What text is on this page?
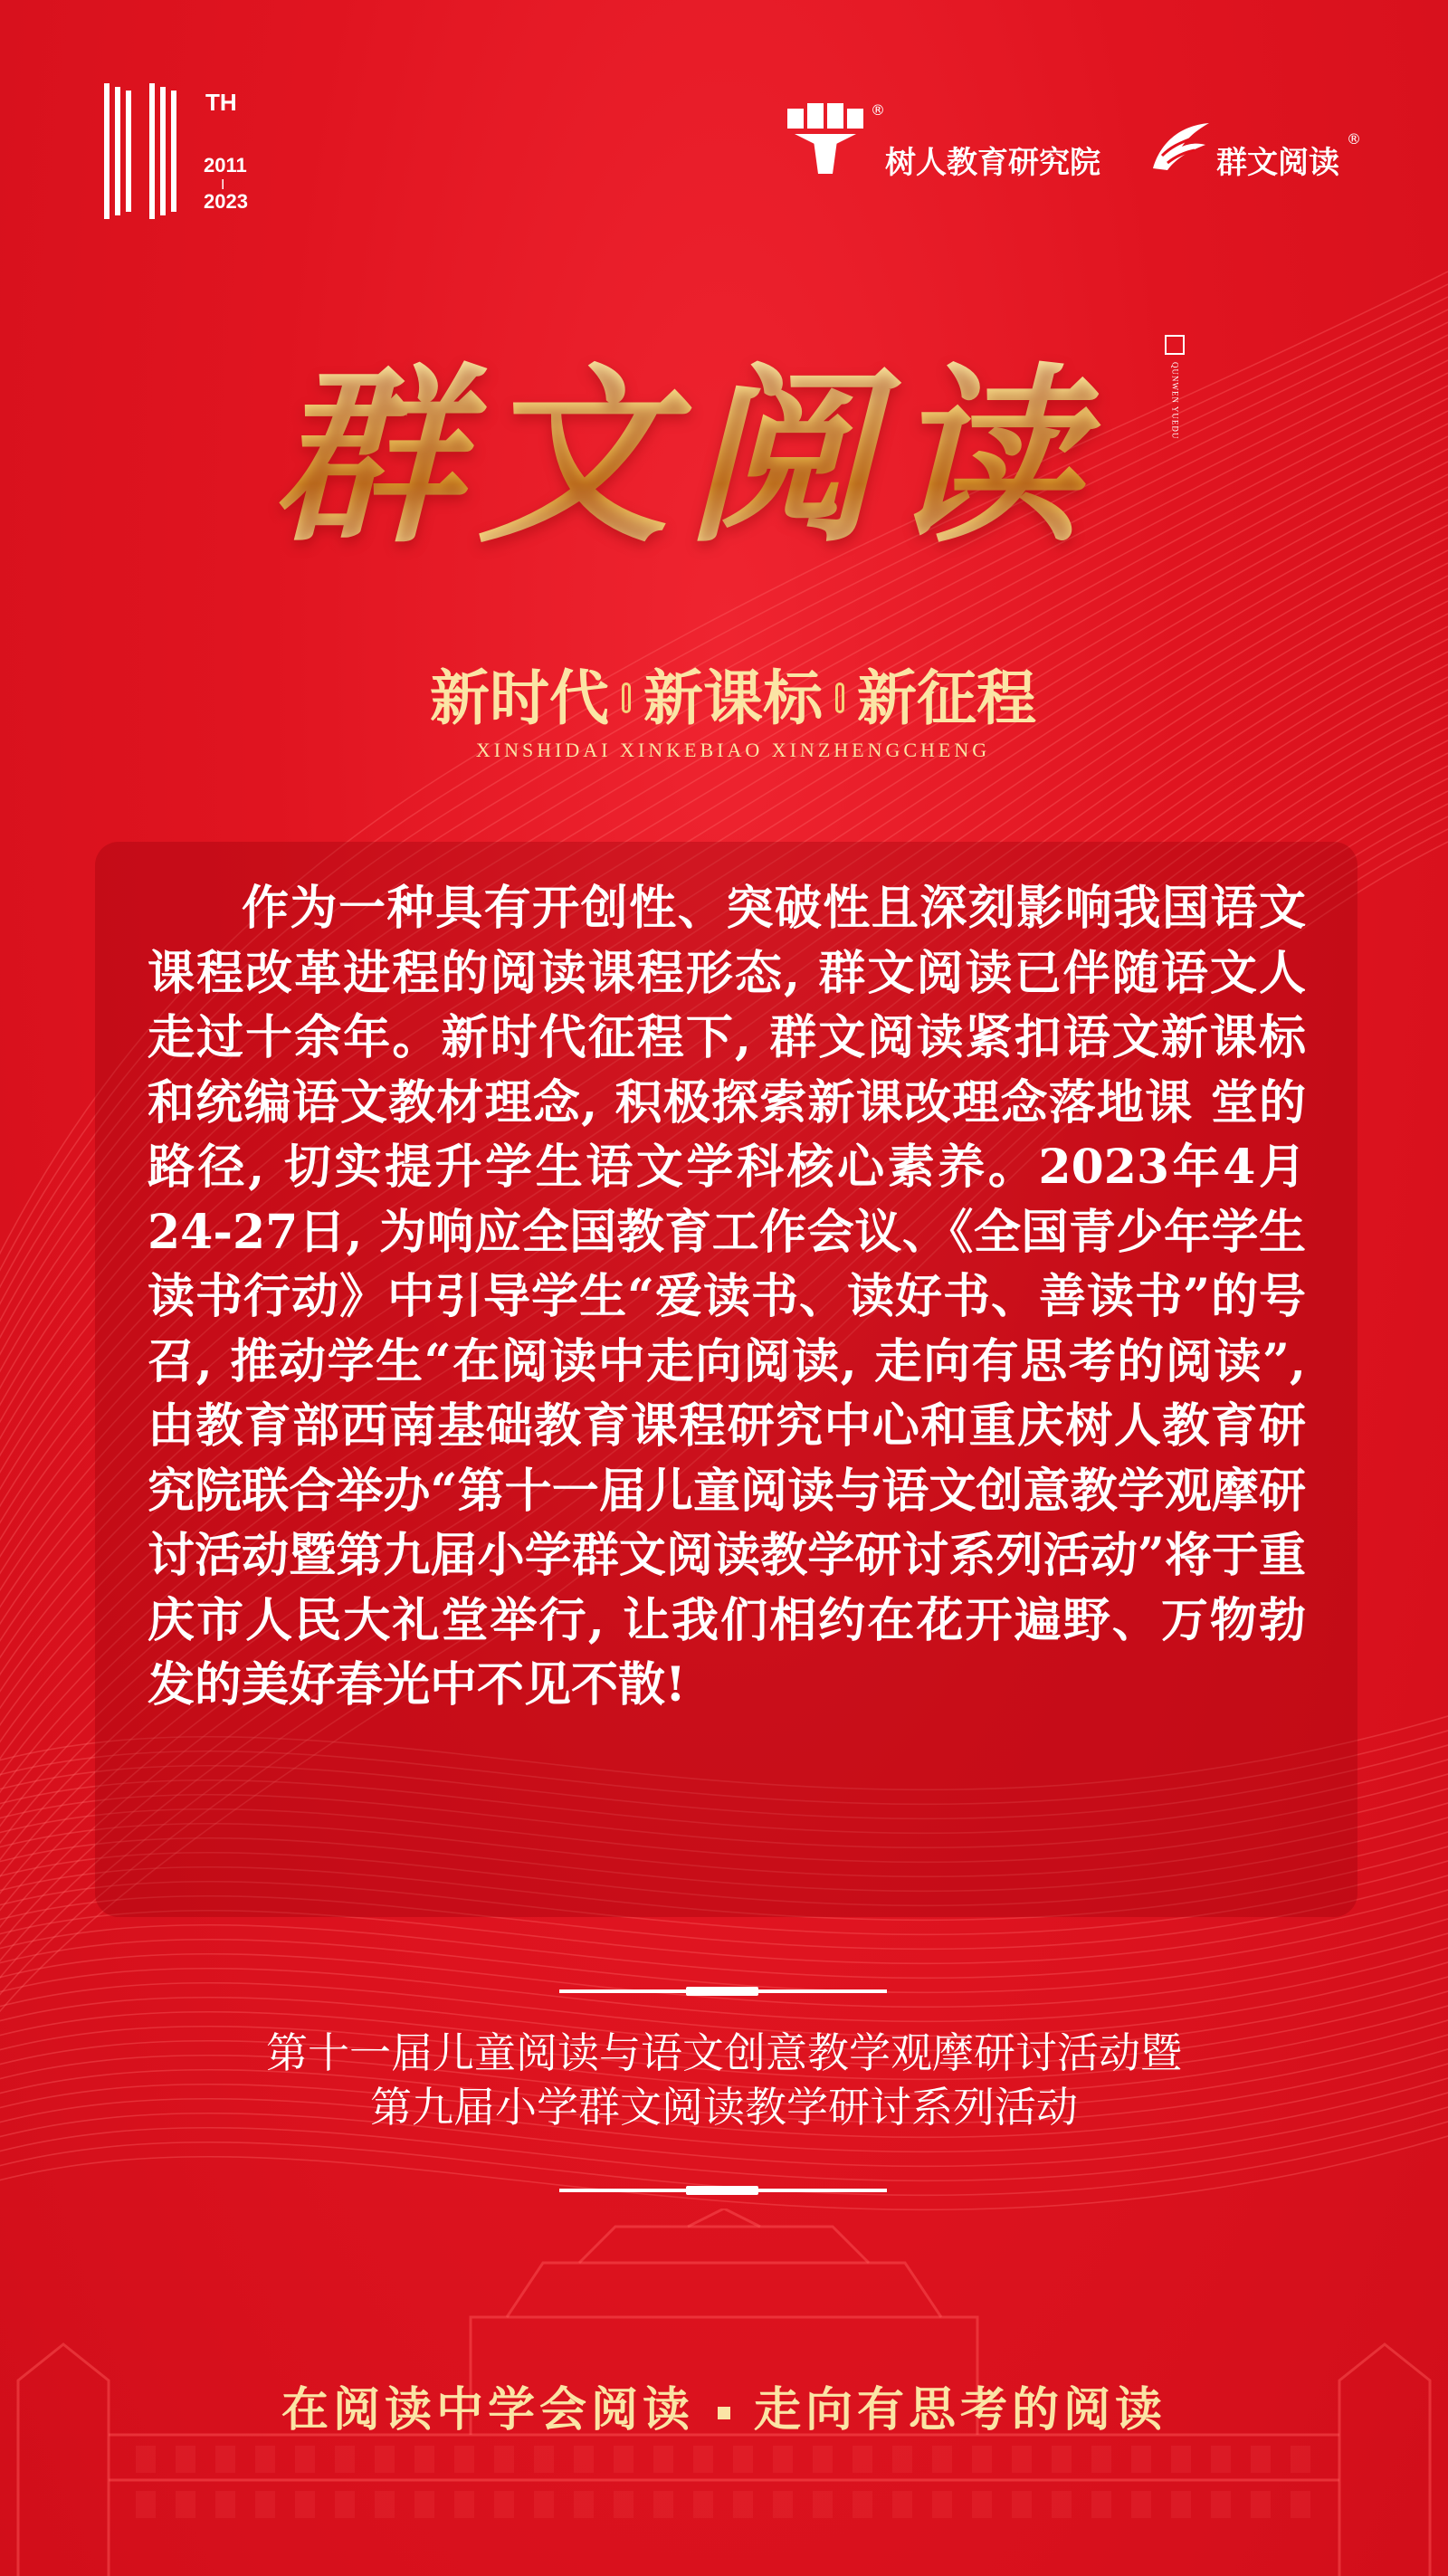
TH
2011
I
2023
®
树人教育研究院	群文阅读
®
群文阅读	QUNWEN YUEDU
新时代 新课标 新征程
XINSHIDAI XINKEBIAO XINZHENGCHENG

作为一种具有开创性、突破性且深刻影响我国语文课程改革进程的阅读课程形态, 群文阅读已伴随语文人走过十余年。新时代征程下, 群文阅读紧扣语文新课标和统编语文教材理念, 积极探索新课改理念落地课 堂的路径, 切实提升学生语文学科核心素养。2023年4月24-27日, 为响应全国教育工作会议、《全国青少年学生读书行动》中引导学生“爱读书、读好书、善读书”的号召, 推动学生“在阅读中走向阅读, 走向有思考的阅读”, 由教育部西南基础教育课程研究中心和重庆树人教育研究院联合举办“第十一届儿童阅读与语文创意教学观摩研讨活动暨第九届小学群文阅读教学研讨系列活动”将于重庆市人民大礼堂举行, 让我们相约在花开遍野、万物勃发的美好春光中不见不散!

第十一届儿童阅读与语文创意教学观摩研讨活动暨
第九届小学群文阅读教学研讨系列活动
在阅读中学会阅读 走向有思考的阅读
